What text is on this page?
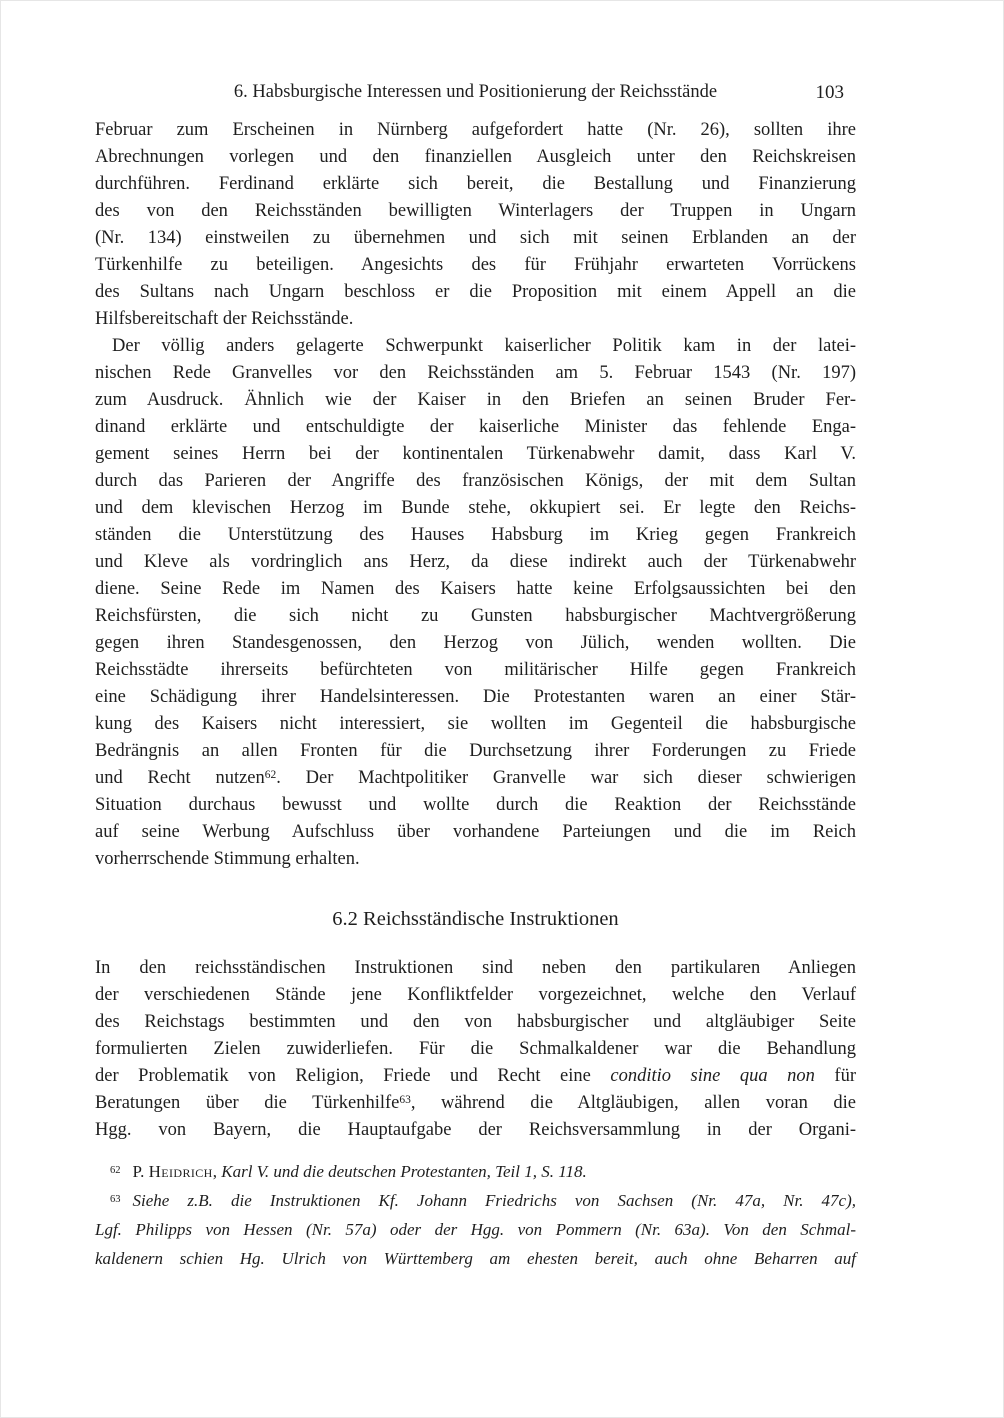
6. Habsburgische Interessen und Positionierung der Reichsstände	103
Februar zum Erscheinen in Nürnberg aufgefordert hatte (Nr. 26), sollten ihre
Abrechnungen vorlegen und den finanziellen Ausgleich unter den Reichskreisen
durchführen. Ferdinand erklärte sich bereit, die Bestallung und Finanzierung
des von den Reichsständen bewilligten Winterlagers der Truppen in Ungarn
(Nr. 134) einstweilen zu übernehmen und sich mit seinen Erblanden an der
Türkenhilfe zu beteiligen. Angesichts des für Frühjahr erwarteten Vorrückens
des Sultans nach Ungarn beschloss er die Proposition mit einem Appell an die
Hilfsbereitschaft der Reichsstände.
Der völlig anders gelagerte Schwerpunkt kaiserlicher Politik kam in der latei-
nischen Rede Granvelles vor den Reichsständen am 5. Februar 1543 (Nr. 197)
zum Ausdruck. Ähnlich wie der Kaiser in den Briefen an seinen Bruder Fer-
dinand erklärte und entschuldigte der kaiserliche Minister das fehlende Enga-
gement seines Herrn bei der kontinentalen Türkenabwehr damit, dass Karl V.
durch das Parieren der Angriffe des französischen Königs, der mit dem Sultan
und dem klevischen Herzog im Bunde stehe, okkupiert sei. Er legte den Reichs-
ständen die Unterstützung des Hauses Habsburg im Krieg gegen Frankreich
und Kleve als vordringlich ans Herz, da diese indirekt auch der Türkenabwehr
diene. Seine Rede im Namen des Kaisers hatte keine Erfolgsaussichten bei den
Reichsfürsten, die sich nicht zu Gunsten habsburgischer Machtvergrößerung
gegen ihren Standesgenossen, den Herzog von Jülich, wenden wollten. Die
Reichsstädte ihrerseits befürchteten von militärischer Hilfe gegen Frankreich
eine Schädigung ihrer Handelsinteressen. Die Protestanten waren an einer Stär-
kung des Kaisers nicht interessiert, sie wollten im Gegenteil die habsburgische
Bedrängnis an allen Fronten für die Durchsetzung ihrer Forderungen zu Friede
und Recht nutzen$^{62}$. Der Machtpolitiker Granvelle war sich dieser schwierigen
Situation durchaus bewusst und wollte durch die Reaktion der Reichsstände
auf seine Werbung Aufschluss über vorhandene Parteiungen und die im Reich
vorherrschende Stimmung erhalten.
6.2 Reichsständische Instruktionen
In den reichsständischen Instruktionen sind neben den partikularen Anliegen
der verschiedenen Stände jene Konfliktfelder vorgezeichnet, welche den Verlauf
des Reichstags bestimmten und den von habsburgischer und altgläubiger Seite
formulierten Zielen zuwiderliefen. Für die Schmalkaldener war die Behandlung
der Problematik von Religion, Friede und Recht eine conditio sine qua non für
Beratungen über die Türkenhilfe$^{63}$, während die Altgläubigen, allen voran die
Hgg. von Bayern, die Hauptaufgabe der Reichsversammlung in der Organi-
$^{62}$ P. Heidrich, Karl V. und die deutschen Protestanten, Teil 1, S. 118.
$^{63}$ Siehe z.B. die Instruktionen Kf. Johann Friedrichs von Sachsen (Nr. 47a, Nr. 47c),
Lgf. Philipps von Hessen (Nr. 57a) oder der Hgg. von Pommern (Nr. 63a). Von den Schmal-
kaldenern schien Hg. Ulrich von Württemberg am ehesten bereit, auch ohne Beharren auf
